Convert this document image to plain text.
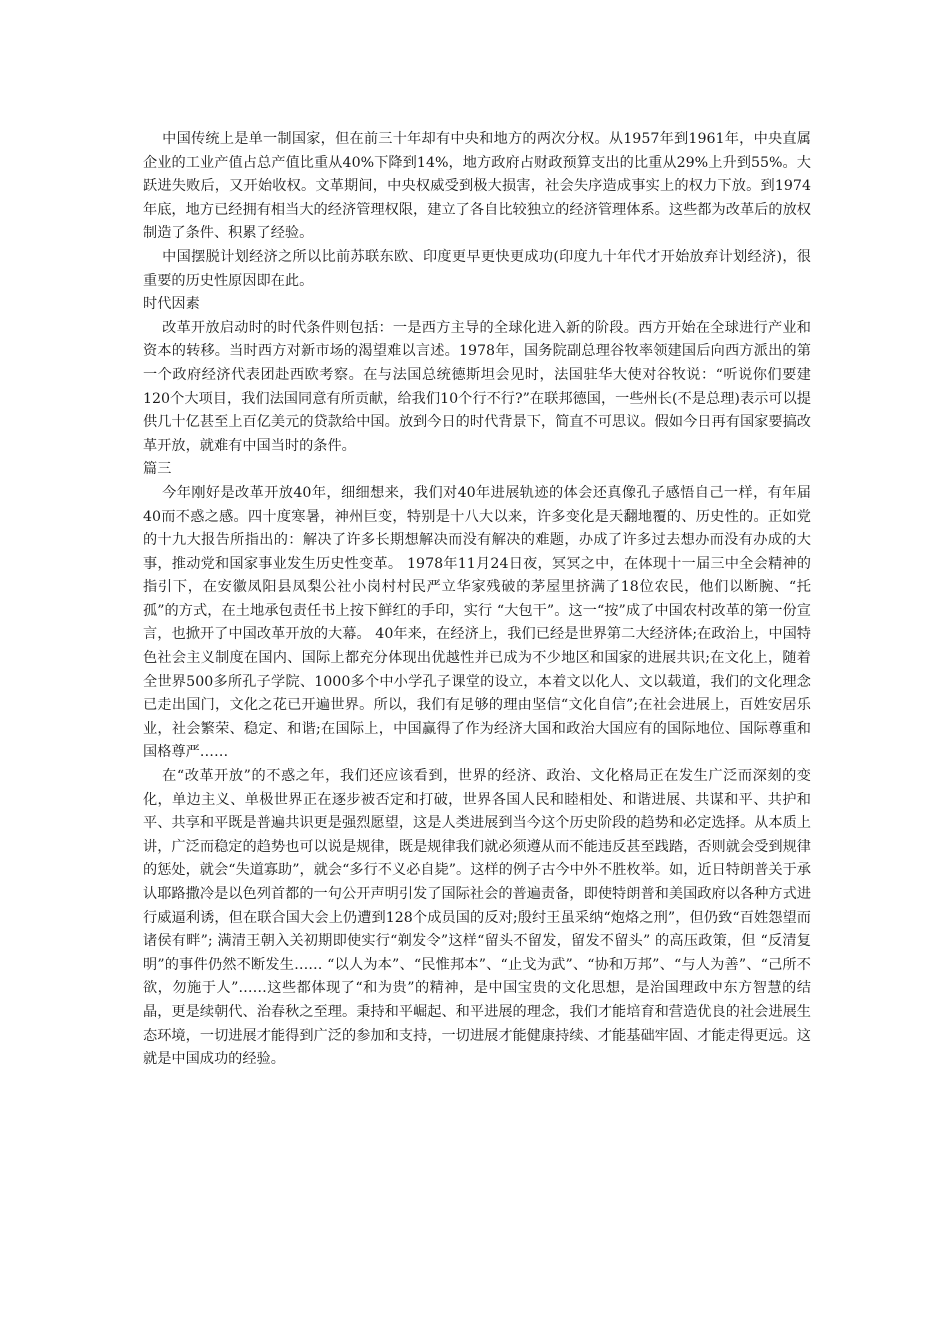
中国传统上是单一制国家，但在前三十年却有中央和地方的两次分权。从1957年到1961年，中央直属企业的工业产值占总产值比重从40%下降到14%，地方政府占财政预算支出的比重从29%上升到55%。大跃进失败后，又开始收权。文革期间，中央权威受到极大损害，社会失序造成事实上的权力下放。到1974年底，地方已经拥有相当大的经济管理权限，建立了各自比较独立的经济管理体系。这些都为改革后的放权制造了条件、积累了经验。

中国摆脱计划经济之所以比前苏联东欧、印度更早更快更成功(印度九十年代才开始放弃计划经济)，很重要的历史性原因即在此。

时代因素

改革开放启动时的时代条件则包括：一是西方主导的全球化进入新的阶段。西方开始在全球进行产业和资本的转移。当时西方对新市场的渴望难以言述。1978年，国务院副总理谷牧率领建国后向西方派出的第一个政府经济代表团赴西欧考察。在与法国总统德斯坦会见时，法国驻华大使对谷牧说：“听说你们要建120个大项目，我们法国同意有所贡献，给我们10个行不行?”在联邦德国，一些州长(不是总理)表示可以提供几十亿甚至上百亿美元的贷款给中国。放到今日的时代背景下，简直不可思议。假如今日再有国家要搞改革开放，就难有中国当时的条件。

篇三

今年刚好是改革开放40年，细细想来，我们对40年进展轨迹的体会还真像孔子感悟自己一样，有年届40而不惑之感。四十度寒暑，神州巨变，特别是十八大以来，许多变化是天翻地覆的、历史性的。正如党的十九大报告所指出的：解决了许多长期想解决而没有解决的难题，办成了许多过去想办而没有办成的大事，推动党和国家事业发生历史性变革。 1978年11月24日夜，冥冥之中，在体现十一届三中全会精神的指引下，在安徽凤阳县凤梨公社小岗村村民严立华家残破的茅屋里挤满了18位农民，他们以断腕、“托孤”的方式，在土地承包责任书上按下鲜红的手印，实行 “大包干”。这一“按”成了中国农村改革的第一份宣言，也掀开了中国改革开放的大幕。 40年来，在经济上，我们已经是世界第二大经济体;在政治上，中国特色社会主义制度在国内、国际上都充分体现出优越性并已成为不少地区和国家的进展共识;在文化上，随着全世界500多所孔子学院、1000多个中小学孔子课堂的设立，本着文以化人、文以载道，我们的文化理念已走出国门，文化之花已开遍世界。所以，我们有足够的理由坚信“文化自信”;在社会进展上，百姓安居乐业，社会繁荣、稳定、和谐;在国际上，中国赢得了作为经济大国和政治大国应有的国际地位、国际尊重和国格尊严……

在“改革开放”的不惑之年，我们还应该看到，世界的经济、政治、文化格局正在发生广泛而深刻的变化，单边主义、单极世界正在逐步被否定和打破，世界各国人民和睦相处、和谐进展、共谋和平、共护和平、共享和平既是普遍共识更是强烈愿望，这是人类进展到当今这个历史阶段的趋势和必定选择。从本质上讲，广泛而稳定的趋势也可以说是规律，既是规律我们就必须遵从而不能违反甚至践踏，否则就会受到规律的惩处，就会“失道寡助”，就会“多行不义必自毙”。这样的例子古今中外不胜枚举。如，近日特朗普关于承认耶路撒冷是以色列首都的一句公开声明引发了国际社会的普遍责备，即使特朗普和美国政府以各种方式进行威逼利诱，但在联合国大会上仍遭到128个成员国的反对;殷纣王虽采纳“炮烙之刑”，但仍致“百姓怨望而诸侯有畔”; 满清王朝入关初期即使实行“剃发令”这样“留头不留发，留发不留头” 的高压政策，但 “反清复明”的事件仍然不断发生…… “以人为本”、“民惟邦本”、“止戈为武”、“协和万邦”、“与人为善”、“己所不欲，勿施于人”……这些都体现了“和为贵”的精神，是中国宝贵的文化思想，是治国理政中东方智慧的结晶，更是续朝代、治春秋之至理。秉持和平崛起、和平进展的理念，我们才能培育和营造优良的社会进展生态环境，一切进展才能得到广泛的参加和支持，一切进展才能健康持续、才能基础牢固、才能走得更远。这就是中国成功的经验。
